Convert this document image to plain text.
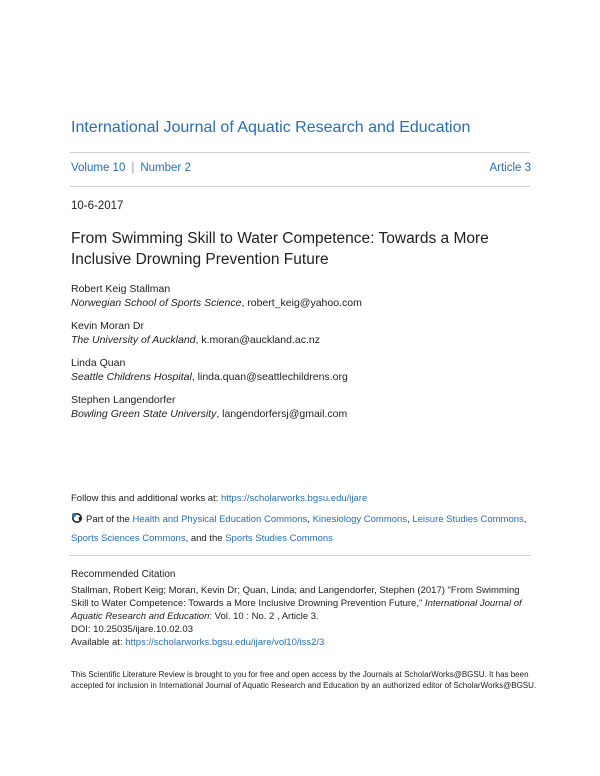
International Journal of Aquatic Research and Education
Volume 10 | Number 2	Article 3
10-6-2017
From Swimming Skill to Water Competence: Towards a More
Inclusive Drowning Prevention Future
Robert Keig Stallman
Norwegian School of Sports Science, robert_keig@yahoo.com
Kevin Moran Dr
The University of Auckland, k.moran@auckland.ac.nz
Linda Quan
Seattle Childrens Hospital, linda.quan@seattlechildrens.org
Stephen Langendorfer
Bowling Green State University, langendorfersj@gmail.com
Follow this and additional works at: https://scholarworks.bgsu.edu/ijare
Part of the Health and Physical Education Commons, Kinesiology Commons, Leisure Studies Commons, Sports Sciences Commons, and the Sports Studies Commons
Recommended Citation
Stallman, Robert Keig; Moran, Kevin Dr; Quan, Linda; and Langendorfer, Stephen (2017) "From Swimming Skill to Water Competence: Towards a More Inclusive Drowning Prevention Future," International Journal of Aquatic Research and Education: Vol. 10 : No. 2 , Article 3.
DOI: 10.25035/ijare.10.02.03
Available at: https://scholarworks.bgsu.edu/ijare/vol10/iss2/3
This Scientific Literature Review is brought to you for free and open access by the Journals at ScholarWorks@BGSU. It has been accepted for inclusion in International Journal of Aquatic Research and Education by an authorized editor of ScholarWorks@BGSU.
